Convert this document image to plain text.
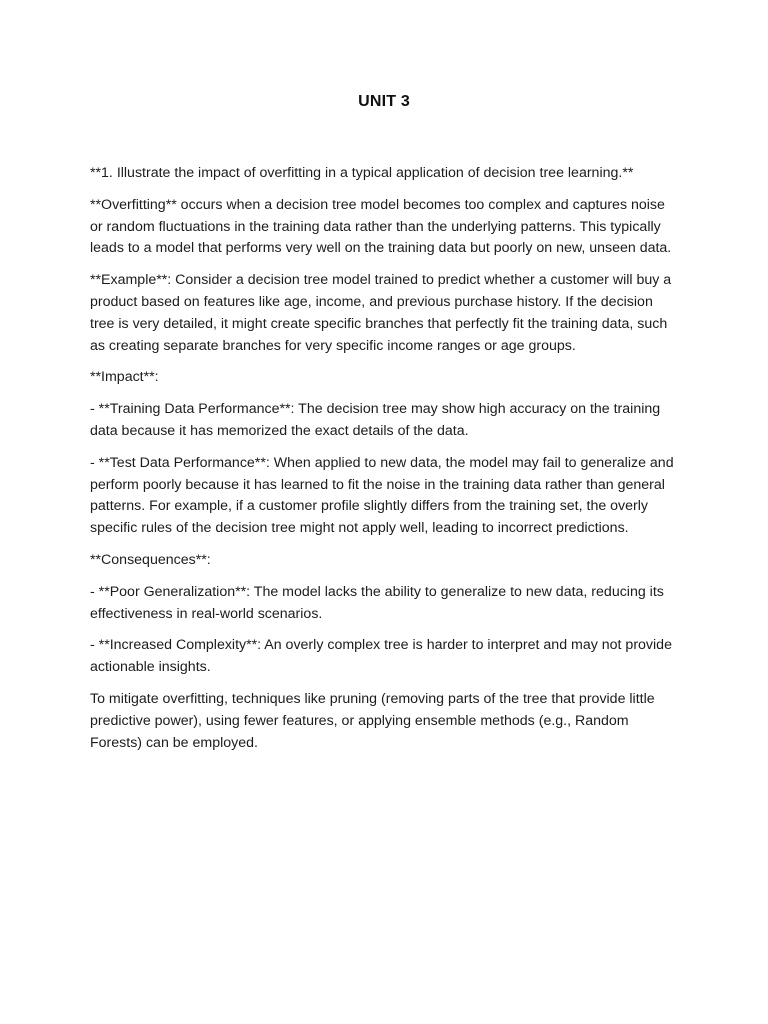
UNIT 3

**1. Illustrate the impact of overfitting in a typical application of decision tree learning.**

**Overfitting** occurs when a decision tree model becomes too complex and captures noise or random fluctuations in the training data rather than the underlying patterns. This typically leads to a model that performs very well on the training data but poorly on new, unseen data.

**Example**: Consider a decision tree model trained to predict whether a customer will buy a product based on features like age, income, and previous purchase history. If the decision tree is very detailed, it might create specific branches that perfectly fit the training data, such as creating separate branches for very specific income ranges or age groups.

**Impact**:

- **Training Data Performance**: The decision tree may show high accuracy on the training data because it has memorized the exact details of the data.

- **Test Data Performance**: When applied to new data, the model may fail to generalize and perform poorly because it has learned to fit the noise in the training data rather than general patterns. For example, if a customer profile slightly differs from the training set, the overly specific rules of the decision tree might not apply well, leading to incorrect predictions.

**Consequences**:

- **Poor Generalization**: The model lacks the ability to generalize to new data, reducing its effectiveness in real-world scenarios.

- **Increased Complexity**: An overly complex tree is harder to interpret and may not provide actionable insights.

To mitigate overfitting, techniques like pruning (removing parts of the tree that provide little predictive power), using fewer features, or applying ensemble methods (e.g., Random Forests) can be employed.
